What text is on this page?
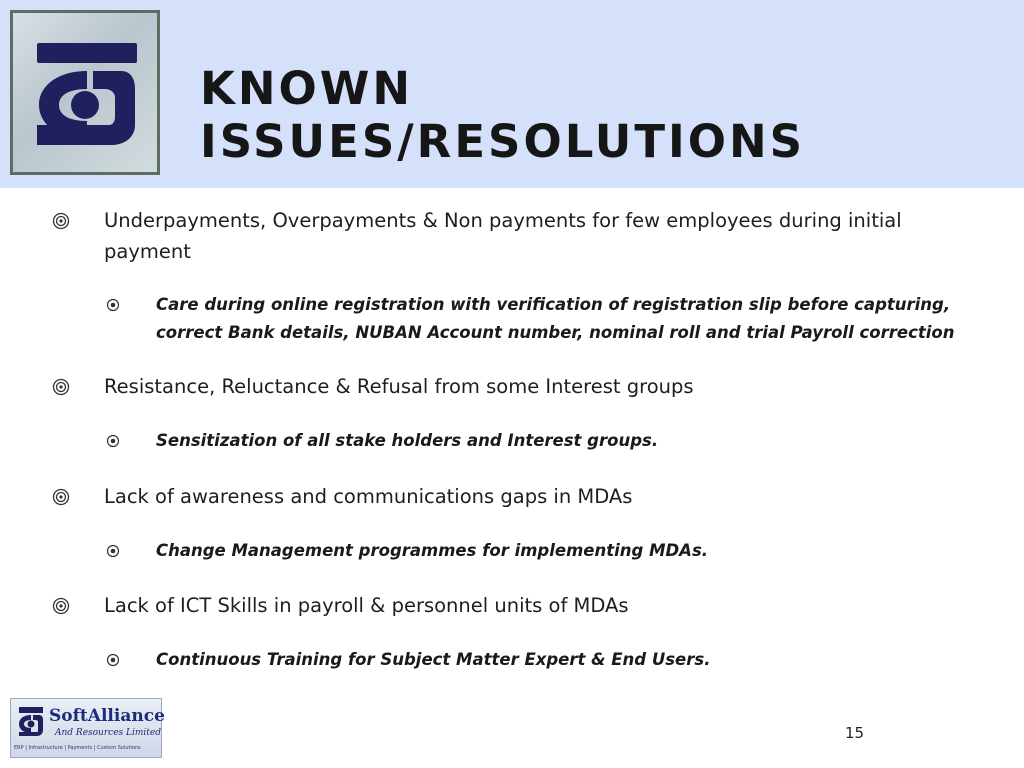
KNOWN ISSUES/RESOLUTIONS
Underpayments, Overpayments & Non payments for few employees during initial payment
Care during online registration with verification of registration slip before capturing, correct Bank details, NUBAN Account number, nominal roll and trial Payroll correction
Resistance, Reluctance & Refusal from some Interest groups
Sensitization of all stake holders and Interest groups.
Lack of awareness and communications gaps in MDAs
Change Management programmes for implementing MDAs.
Lack of ICT Skills in payroll & personnel units of MDAs
Continuous Training for Subject Matter Expert & End Users.
SoftAlliance
And Resources Limited
ERP | Infrastructure | Payments | Custom Solutions
15
